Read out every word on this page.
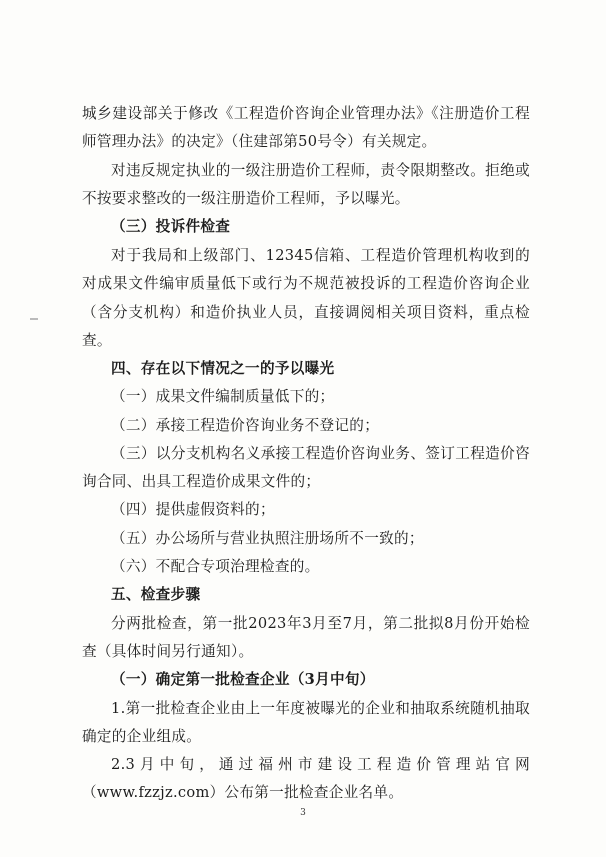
城乡建设部关于修改《工程造价咨询企业管理办法》《注册造价工程师管理办法》的决定》（住建部第50号令）有关规定。

对违反规定执业的一级注册造价工程师，责令限期整改。拒绝或不按要求整改的一级注册造价工程师，予以曝光。

（三）投诉件检查

对于我局和上级部门、12345信箱、工程造价管理机构收到的对成果文件编审质量低下或行为不规范被投诉的工程造价咨询企业（含分支机构）和造价执业人员，直接调阅相关项目资料，重点检查。

四、存在以下情况之一的予以曝光

（一）成果文件编制质量低下的；

（二）承接工程造价咨询业务不登记的；

（三）以分支机构名义承接工程造价咨询业务、签订工程造价咨询合同、出具工程造价成果文件的；

（四）提供虚假资料的；

（五）办公场所与营业执照注册场所不一致的；

（六）不配合专项治理检查的。

五、检查步骤

分两批检查，第一批2023年3月至7月，第二批拟8月份开始检查（具体时间另行通知）。

（一）确定第一批检查企业（3月中旬）

1.第一批检查企业由上一年度被曝光的企业和抽取系统随机抽取确定的企业组成。

2.3月中旬，通过福州市建设工程造价管理站官网（www.fzzjz.com）公布第一批检查企业名单。

3
